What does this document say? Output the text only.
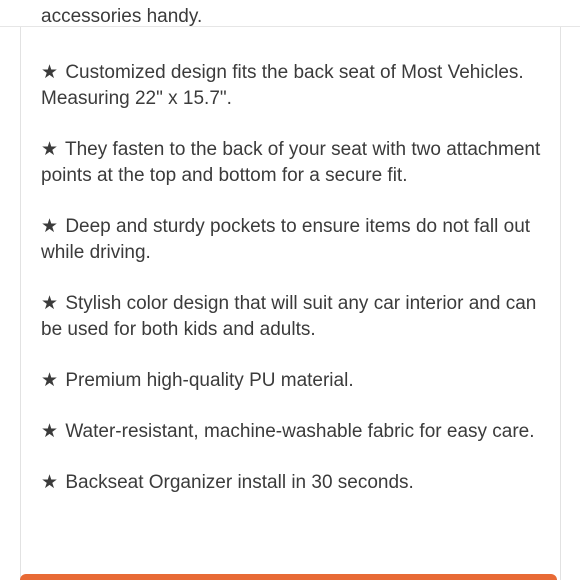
accessories handy.

★ Customized design fits the back seat of Most Vehicles. Measuring 22" x 15.7".

★ They fasten to the back of your seat with two attachment points at the top and bottom for a secure fit.

★ Deep and sturdy pockets to ensure items do not fall out while driving.

★ Stylish color design that will suit any car interior and can be used for both kids and adults.

★ Premium high-quality PU material.

★ Water-resistant, machine-washable fabric for easy care.

★ Backseat Organizer install in 30 seconds.
